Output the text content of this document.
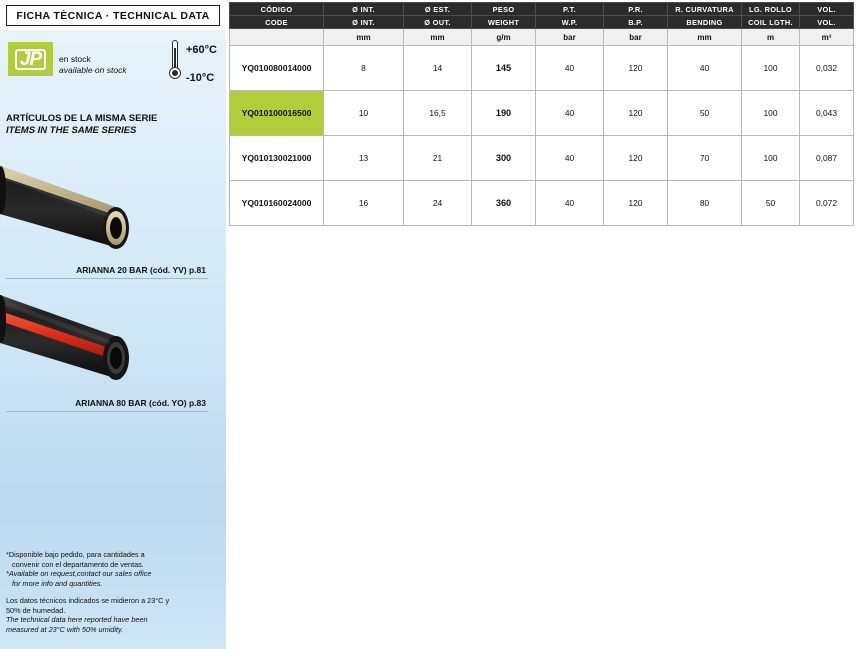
FICHA TÈCNICA · TECHNICAL DATA
JP	en stock
available on stock
+60°C
-10°C
ARTÍCULOS DE LA MISMA SERIE
ITEMS IN THE SAME SERIES
ARIANNA 20 BAR (cód. YV) p.81
ARIANNA 80 BAR (cód. YO) p.83

*Disponible bajo pedido, para cantidades a
convenir con el departamento de ventas.
*Available on request,contact our sales office
for more info and quantities.

Los datos técnicos indicados se midieron a 23°C y
50% de humedad.
The technical data here reported have been
measured at 23°C with 50% umidity.

CÓDIGO	Ø INT.	Ø EST.	PESO	P.T.	P.R.	R. CURVATURA	LG. ROLLO	VOL.
CODE	Ø INT.	Ø OUT.	WEIGHT	W.P.	B.P.	BENDING	COIL LGTH.	VOL.
	mm	mm	g/m	bar	bar	mm	m	m³
YQ010080014000	8	14	145	40	120	40	100	0,032
YQ010100016500	10	16,5	190	40	120	50	100	0,043
YQ010130021000	13	21	300	40	120	70	100	0,087
YQ010160024000	16	24	360	40	120	80	50	0,072
